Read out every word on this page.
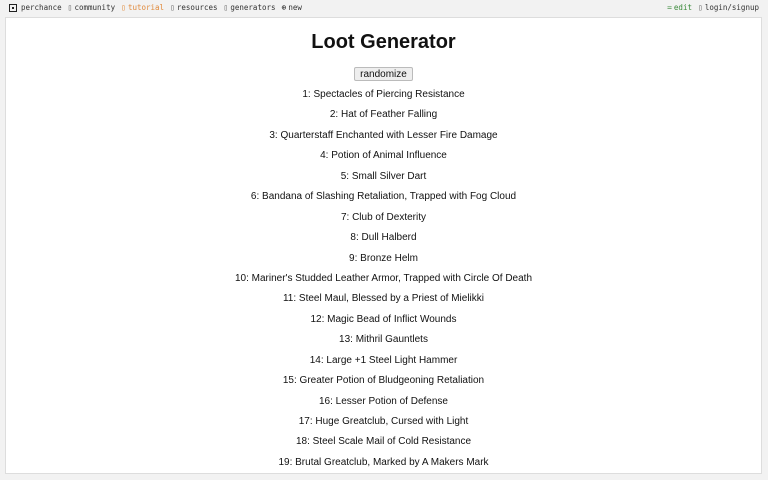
perchance ▯ community ▯ tutorial ▯ resources ▯ generators ⊕ new	= edit ▯ login/signup
Loot Generator
randomize
1: Spectacles of Piercing Resistance
2: Hat of Feather Falling
3: Quarterstaff Enchanted with Lesser Fire Damage
4: Potion of Animal Influence
5: Small Silver Dart
6: Bandana of Slashing Retaliation, Trapped with Fog Cloud
7: Club of Dexterity
8: Dull Halberd
9: Bronze Helm
10: Mariner's Studded Leather Armor, Trapped with Circle Of Death
11: Steel Maul, Blessed by a Priest of Mielikki
12: Magic Bead of Inflict Wounds
13: Mithril Gauntlets
14: Large +1 Steel Light Hammer
15: Greater Potion of Bludgeoning Retaliation
16: Lesser Potion of Defense
17: Huge Greatclub, Cursed with Light
18: Steel Scale Mail of Cold Resistance
19: Brutal Greatclub, Marked by A Makers Mark
